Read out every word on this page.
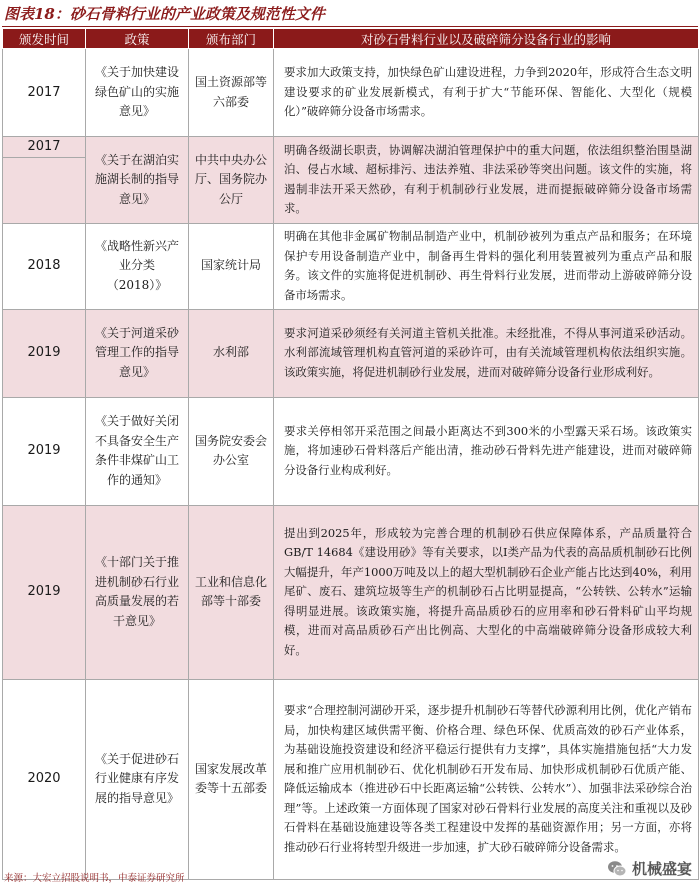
图表18：砂石骨料行业的产业政策及规范性文件
颁发时间	政策	颁布部门	对砂石骨料行业以及破碎筛分设备行业的影响
2017	《关于加快建设绿色矿山的实施意见》	国土资源部等六部委	要求加大政策支持，加快绿色矿山建设进程，力争到2020年，形成符合生态文明建设要求的矿业发展新模式，有利于扩大“节能环保、智能化、大型化（规模化）”破碎筛分设备市场需求。
2017	《关于在湖泊实施湖长制的指导意见》	中共中央办公厅、国务院办公厅	明确各级湖长职责，协调解决湖泊管理保护中的重大问题，依法组织整治围垦湖泊、侵占水域、超标排污、违法养殖、非法采砂等突出问题。该文件的实施，将遏制非法开采天然砂，有利于机制砂行业发展，进而提振破碎筛分设备市场需求。

2018	《战略性新兴产业分类（2018）》	国家统计局	明确在其他非金属矿物制品制造产业中，机制砂被列为重点产品和服务；在环境保护专用设备制造产业中，制备再生骨料的强化利用装置被列为重点产品和服务。该文件的实施将促进机制砂、再生骨料行业发展，进而带动上游破碎筛分设备市场需求。
2019	《关于河道采砂管理工作的指导意见》	水利部	要求河道采砂须经有关河道主管机关批准。未经批准，不得从事河道采砂活动。水利部流域管理机构直管河道的采砂许可，由有关流域管理机构依法组织实施。该政策实施，将促进机制砂行业发展，进而对破碎筛分设备行业形成利好。
2019	《关于做好关闭不具备安全生产条件非煤矿山工作的通知》	国务院安委会办公室	要求关停相邻开采范围之间最小距离达不到300米的小型露天采石场。该政策实施，将加速砂石骨料落后产能出清，推动砂石骨料先进产能建设，进而对破碎筛分设备行业构成利好。
2019	《十部门关于推进机制砂石行业高质量发展的若干意见》	工业和信息化部等十部委	提出到2025年，形成较为完善合理的机制砂石供应保障体系，产品质量符合GB/T 14684《建设用砂》等有关要求，以Ⅰ类产品为代表的高品质机制砂石比例大幅提升，年产1000万吨及以上的超大型机制砂石企业产能占比达到40%，利用尾矿、废石、建筑垃圾等生产的机制砂石占比明显提高，“公转铁、公转水”运输得明显进展。该政策实施，将提升高品质砂石的应用率和砂石骨料矿山平均规模，进而对高品质砂石产出比例高、大型化的中高端破碎筛分设备形成较大利好。
2020	《关于促进砂石行业健康有序发展的指导意见》	国家发展改革委等十五部委	要求“合理控制河湖砂开采，逐步提升机制砂石等替代砂源利用比例，优化产销布局，加快构建区域供需平衡、价格合理、绿色环保、优质高效的砂石产业体系，为基础设施投资建设和经济平稳运行提供有力支撑”，具体实施措施包括“大力发展和推广应用机制砂石、优化机制砂石开发布局、加快形成机制砂石优质产能、降低运输成本（推进砂石中长距离运输“公转铁、公转水”）、加强非法采砂综合治理”等。上述政策一方面体现了国家对砂石骨料行业发展的高度关注和重视以及砂石骨料在基础设施建设等各类工程建设中发挥的基础资源作用；另一方面，亦将推动砂石行业将转型升级进一步加速，扩大砂石破碎筛分设备需求。
来源：大宏立招股说明书，中泰证券研究所
机械盛宴
